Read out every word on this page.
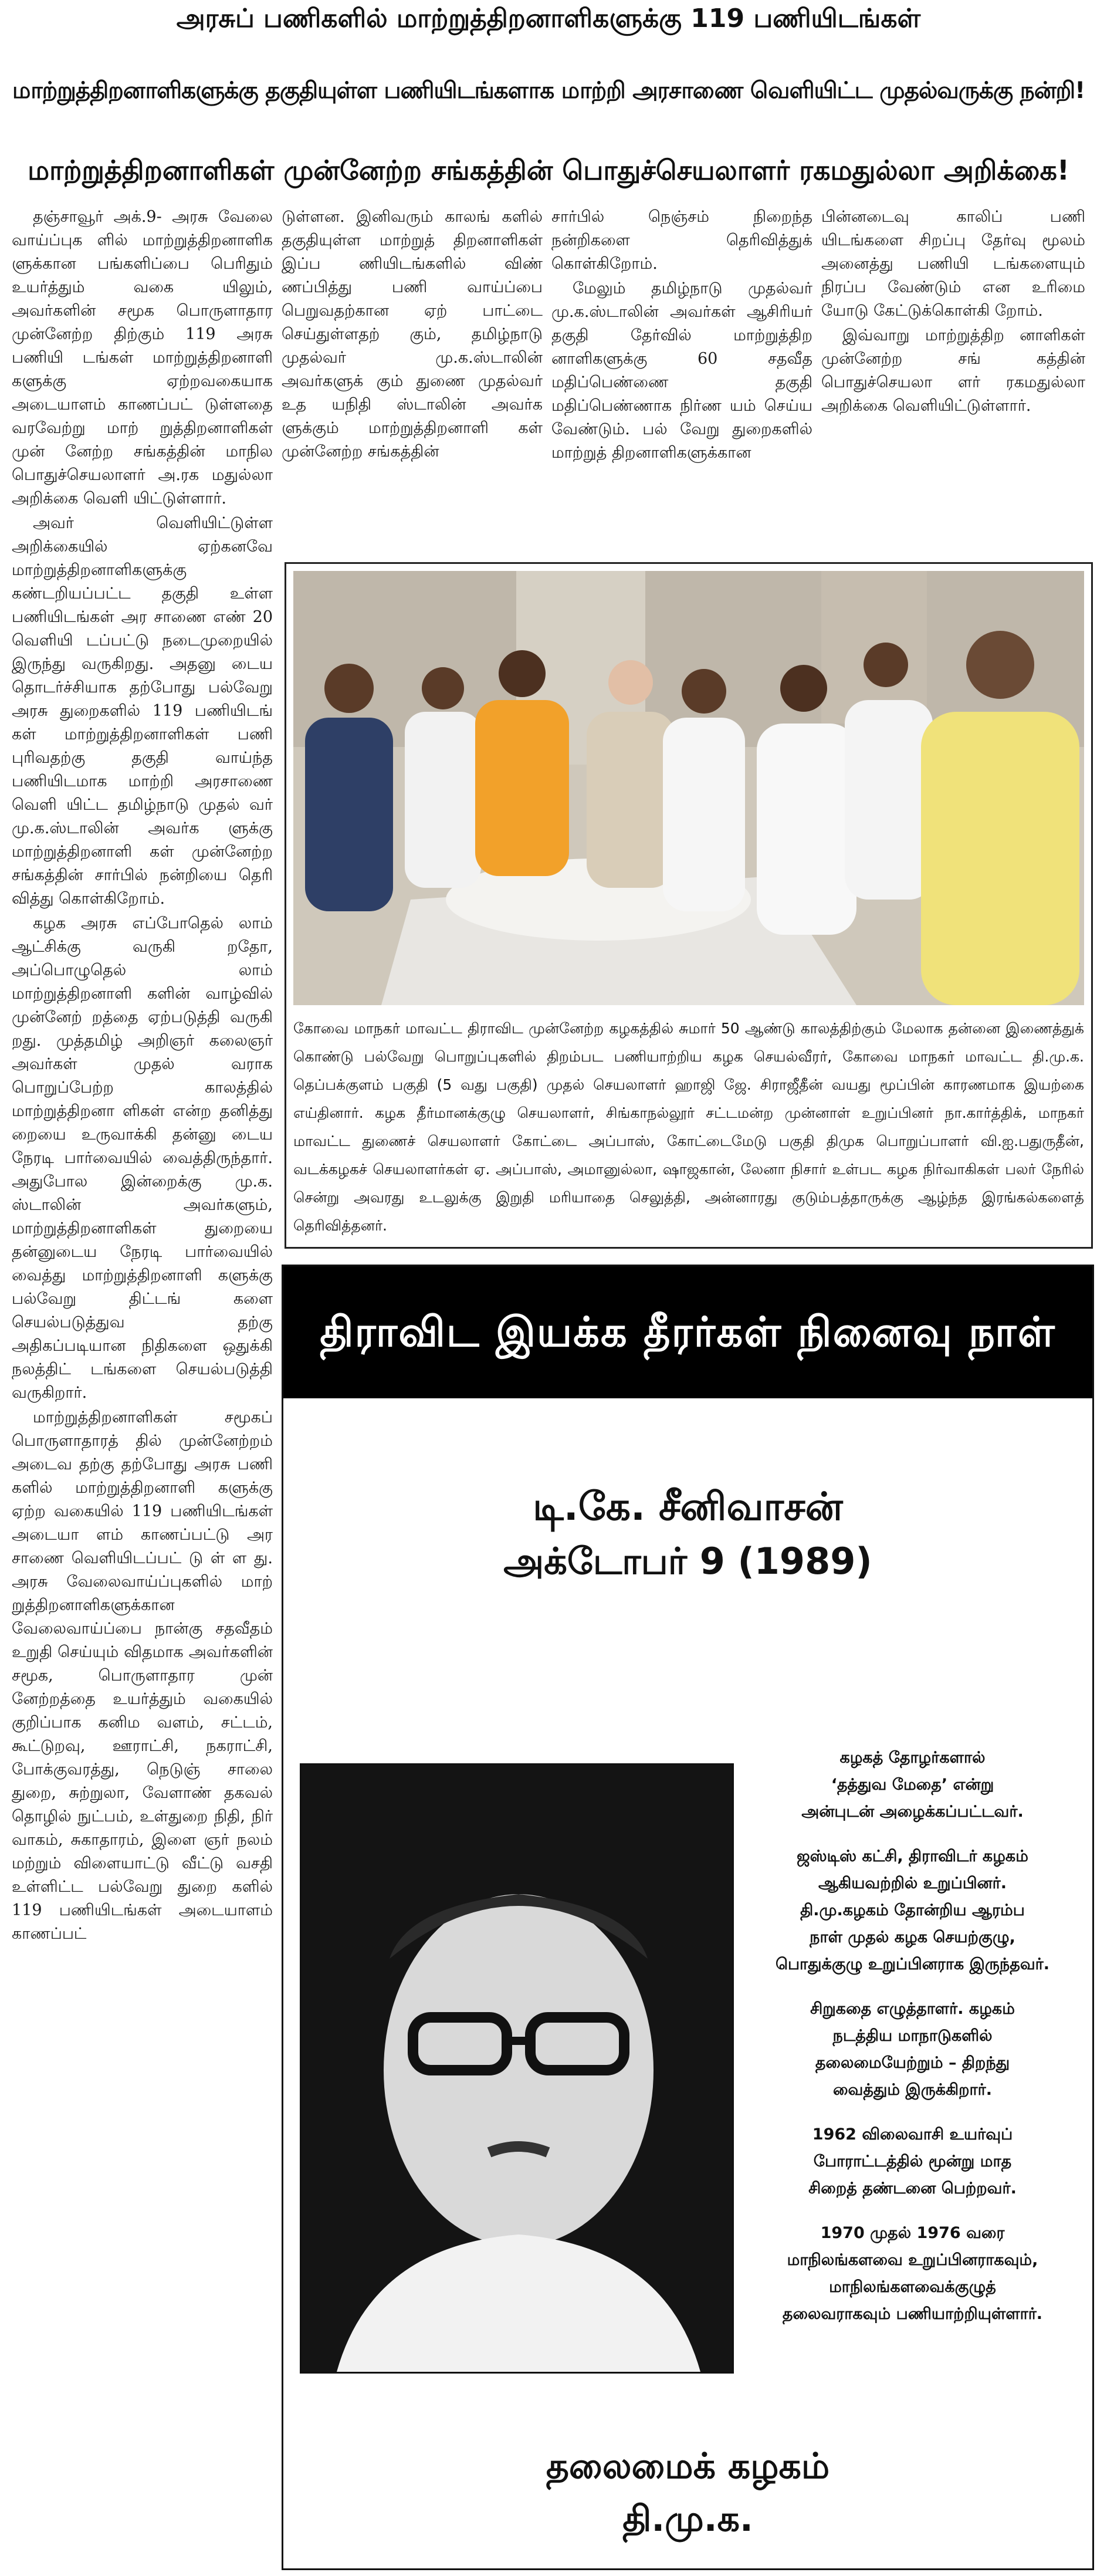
அரசுப் பணிகளில் மாற்றுத்திறனாளிகளுக்கு 119 பணியிடங்கள்
மாற்றுத்திறனாளிகளுக்கு தகுதியுள்ள பணியிடங்களாக மாற்றி அரசாணை வெளியிட்ட முதல்வருக்கு நன்றி!
மாற்றுத்திறனாளிகள் முன்னேற்ற சங்கத்தின் பொதுச்செயலாளர் ரகமதுல்லா அறிக்கை!

தஞ்சாவூர் அக்.9- அரசு வேலை வாய்ப்புக ளில் மாற்றுத்திறனாளிக ளுக்கான பங்களிப்பை பெரிதும் உயர்த்தும் வகை யிலும், அவர்களின் சமூக பொருளாதார முன்னேற்ற திற்கும் 119 அரசு பணியி டங்கள் மாற்றுத்திறனாளி களுக்கு ஏற்றவகையாக அடையாளம் காணப்பட் டுள்ளதை வரவேற்று மாற் றுத்திறனாளிகள் முன் னேற்ற சங்கத்தின் மாநில பொதுச்செயலாளர் அ.ரக மதுல்லா அறிக்கை வெளி யிட்டுள்ளார்.

அவர் வெளியிட்டுள்ள அறிக்கையில் ஏற்கனவே மாற்றுத்திறனாளிகளுக்கு கண்டறியப்பட்ட தகுதி உள்ள பணியிடங்கள் அர சாணை எண் 20 வெளியி டப்பட்டு நடைமுறையில் இருந்து வருகிறது. அதனு டைய தொடர்ச்சியாக தற்போது பல்வேறு அரசு துறைகளில் 119 பணியிடங் கள் மாற்றுத்திறனாளிகள் பணி புரிவதற்கு தகுதி வாய்ந்த பணியிடமாக மாற்றி அரசாணை வெளி யிட்ட தமிழ்நாடு முதல் வர் மு.க.ஸ்டாலின் அவர்க ளுக்கு மாற்றுத்திறனாளி கள் முன்னேற்ற சங்கத்தின் சார்பில் நன்றியை தெரி வித்து கொள்கிறோம்.

கழக அரசு எப்போதெல் லாம் ஆட்சிக்கு வருகி றதோ, அப்பொழுதெல் லாம் மாற்றுத்திறனாளி களின் வாழ்வில் முன்னேற் றத்தை ஏற்படுத்தி வருகி றது. முத்தமிழ் அறிஞர் கலைஞர் அவர்கள் முதல் வராக பொறுப்பேற்ற காலத்தில் மாற்றுத்திறனா ளிகள் என்ற தனித்து றையை உருவாக்கி தன்னு டைய நேரடி பார்வையில் வைத்திருந்தார். அதுபோல இன்றைக்கு மு.க. ஸ்டாலின் அவர்களும், மாற்றுத்திறனாளிகள் துறையை தன்னுடைய நேரடி பார்வையில் வைத்து மாற்றுத்திறனாளி களுக்கு பல்வேறு திட்டங் களை செயல்படுத்துவ தற்கு அதிகப்படியான நிதிகளை ஒதுக்கி நலத்திட் டங்களை செயல்படுத்தி வருகிறார்.

மாற்றுத்திறனாளிகள் சமூகப் பொருளாதாரத் தில் முன்னேற்றம் அடைவ தற்கு தற்போது அரசு பணி களில் மாற்றுத்திறனாளி களுக்கு ஏற்ற வகையில் 119 பணியிடங்கள் அடையா ளம் காணப்பட்டு அர சாணை வெளியிடப்பட் டு ள் ள து. அரசு வேலைவாய்ப்புகளில் மாற் றுத்திறனாளிகளுக்கான வேலைவாய்ப்பை நான்கு சதவீதம் உறுதி செய்யும் விதமாக அவர்களின் சமூக, பொருளாதார முன் னேற்றத்தை உயர்த்தும் வகையில் குறிப்பாக கனிம வளம், சட்டம், கூட்டுறவு, ஊராட்சி, நகராட்சி, போக்குவரத்து, நெடுஞ் சாலை துறை, சுற்றுலா, வேளாண் தகவல் தொழில் நுட்பம், உள்துறை நிதி, நிர் வாகம், சுகாதாரம், இளை ஞர் நலம் மற்றும் விளையாட்டு வீட்டு வசதி உள்ளிட்ட பல்வேறு துறை களில் 119 பணியிடங்கள் அடையாளம் காணப்பட்

டுள்ளன. இனிவரும் காலங் களில் தகுதியுள்ள மாற்றுத் திறனாளிகள் இப்ப ணியிடங்களில் விண் ணப்பித்து பணி வாய்ப்பை பெறுவதற்கான ஏற் பாட்டை செய்துள்ளதற் கும், தமிழ்நாடு முதல்வர் மு.க.ஸ்டாலின் அவர்களுக் கும் துணை முதல்வர் உத யநிதி ஸ்டாலின் அவர்க ளுக்கும் மாற்றுத்திறனாளி கள் முன்னேற்ற சங்கத்தின்

சார்பில் நெஞ்சம் நிறைந்த நன்றிகளை தெரிவித்துக் கொள்கிறோம்.

மேலும் தமிழ்நாடு முதல்வர் மு.க.ஸ்டாலின் அவர்கள் ஆசிரியர் தகுதி தேர்வில் மாற்றுத்திற னாளிகளுக்கு 60 சதவீத மதிப்பெண்ணை தகுதி மதிப்பெண்ணாக நிர்ண யம் செய்ய வேண்டும். பல் வேறு துறைகளில் மாற்றுத் திறனாளிகளுக்கான

பின்னடைவு காலிப் பணி யிடங்களை சிறப்பு தேர்வு மூலம் அனைத்து பணியி டங்களையும் நிரப்ப வேண்டும் என உரிமை யோடு கேட்டுக்கொள்கி றோம்.

இவ்வாறு மாற்றுத்திற னாளிகள் முன்னேற்ற சங் கத்தின் பொதுச்செயலா ளர் ரகமதுல்லா அறிக்கை வெளியிட்டுள்ளார்.

கோவை மாநகர் மாவட்ட திராவிட முன்னேற்ற கழகத்தில் சுமார் 50 ஆண்டு காலத்திற்கும் மேலாக தன்னை இணைத்துக் கொண்டு பல்வேறு பொறுப்புகளில் திறம்பட பணியாற்றிய கழக செயல்வீரர், கோவை மாநகர் மாவட்ட தி.மு.க. தெப்பக்குளம் பகுதி (5 வது பகுதி) முதல் செயலாளர் ஹாஜி ஜே. சிராஜீதீன் வயது மூப்பின் காரணமாக இயற்கை எய்தினார். கழக தீர்மானக்குழு செயலாளர், சிங்காநல்லூர் சட்டமன்ற முன்னாள் உறுப்பினர் நா.கார்த்திக், மாநகர் மாவட்ட துணைச் செயலாளர் கோட்டை அப்பாஸ், கோட்டைமேடு பகுதி திமுக பொறுப்பாளர் வி.ஐ.பதுருதீன், வடக்கழகச் செயலாளர்கள் ஏ. அப்பாஸ், அமானுல்லா, ஷாஜகான், லேனா நிசார் உள்பட கழக நிர்வாகிகள் பலர் நேரில் சென்று அவரது உடலுக்கு இறுதி மரியாதை செலுத்தி, அன்னாரது குடும்பத்தாருக்கு ஆழ்ந்த இரங்கல்களைத் தெரிவித்தனர்.
திராவிட இயக்க தீரர்கள் நினைவு நாள்
டி.கே. சீனிவாசன்
அக்டோபர் 9 (1989)
கழகத் தோழர்களால்
‘தத்துவ மேதை’ என்று
அன்புடன் அழைக்கப்பட்டவர்.
ஜஸ்டிஸ் கட்சி, திராவிடர் கழகம்
ஆகியவற்றில் உறுப்பினர்.
தி.மு.கழகம் தோன்றிய ஆரம்ப
நாள் முதல் கழக செயற்குழு,
பொதுக்குழு உறுப்பினராக இருந்தவர்.
சிறுகதை எழுத்தாளர். கழகம்
நடத்திய மாநாடுகளில்
தலைமையேற்றும் – திறந்து
வைத்தும் இருக்கிறார்.
1962 விலைவாசி உயர்வுப்
போராட்டத்தில் மூன்று மாத
சிறைத் தண்டனை பெற்றவர்.
1970 முதல் 1976 வரை
மாநிலங்களவை உறுப்பினராகவும்,
மாநிலங்களவைக்குழுத்
தலைவராகவும் பணியாற்றியுள்ளார்.
தலைமைக் கழகம்
தி.மு.க.
